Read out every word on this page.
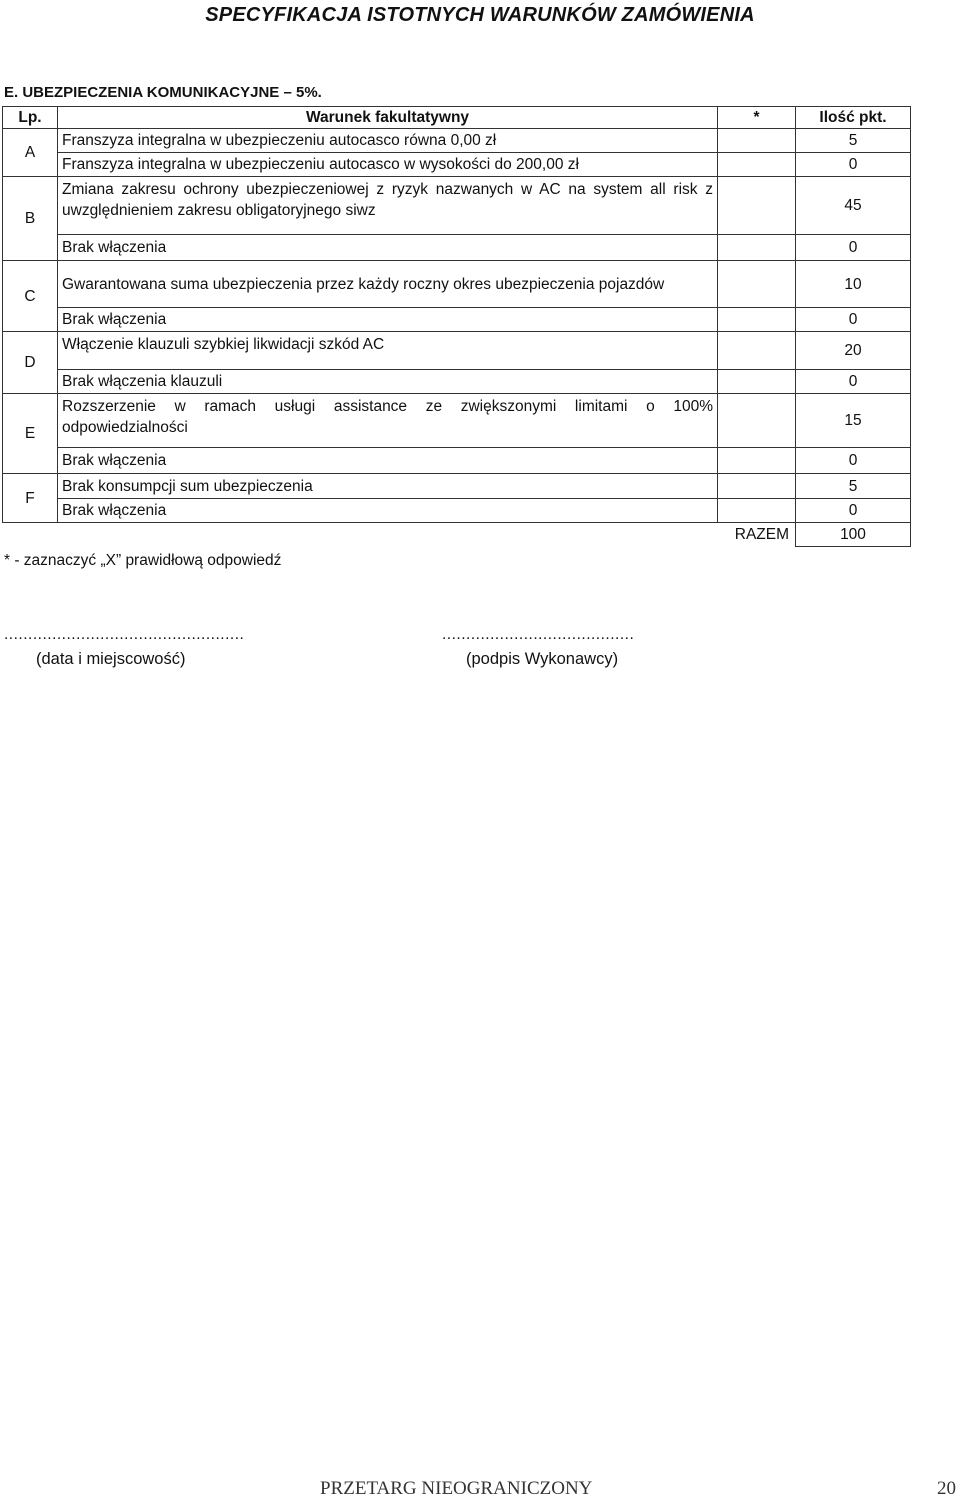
SPECYFIKACJA ISTOTNYCH WARUNKÓW ZAMÓWIENIA
E. UBEZPIECZENIA KOMUNIKACYJNE – 5%.
Lp.	Warunek fakultatywny	*	Ilość pkt.
A	Franszyza integralna w ubezpieczeniu autocasco równa 0,00 zł		5
	Franszyza integralna w ubezpieczeniu autocasco w wysokości do 200,00 zł		0
B	Zmiana zakresu ochrony ubezpieczeniowej z ryzyk nazwanych w AC na system all risk z uwzględnieniem zakresu obligatoryjnego siwz		45
	Brak włączenia		0
C	Gwarantowana suma ubezpieczenia przez każdy roczny okres ubezpieczenia pojazdów		10
	Brak włączenia		0
D	Włączenie klauzuli szybkiej likwidacji szkód AC		20
	Brak włączenia klauzuli		0
E	Rozszerzenie w ramach usługi assistance ze zwiększonymi limitami o 100% odpowiedzialności		15
	Brak włączenia		0
F	Brak konsumpcji sum ubezpieczenia		5
	Brak włączenia		0
		RAZEM	100
* - zaznaczyć „X” prawidłową odpowiedź
..................................................	........................................
(data i miejscowość)	(podpis Wykonawcy)
PRZETARG NIEOGRANICZONY	20
